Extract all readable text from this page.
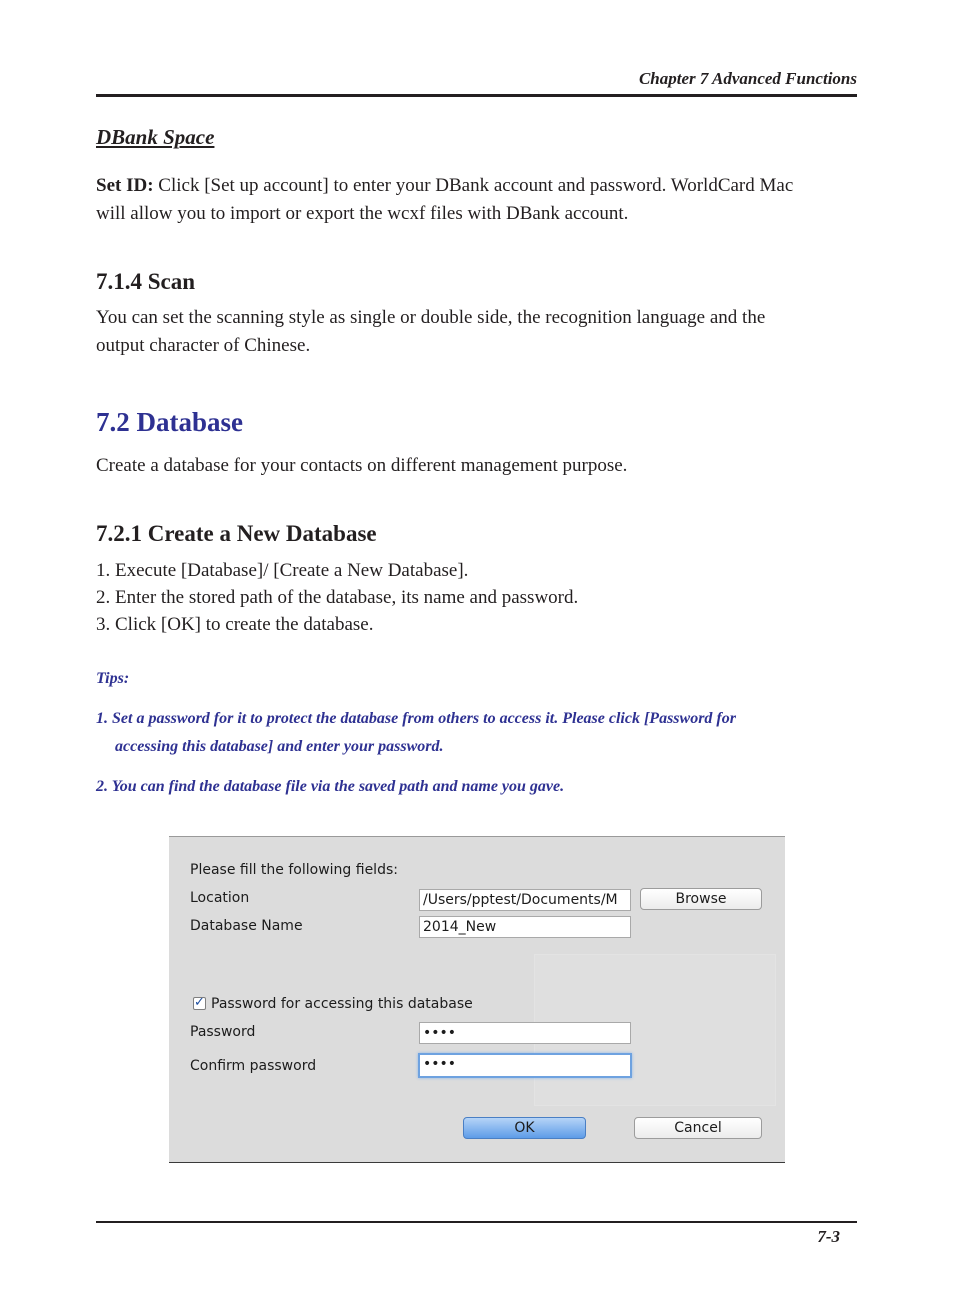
Chapter 7 Advanced Functions
DBank Space
Set ID: Click [Set up account] to enter your DBank account and password. WorldCard Mac
will allow you to import or export the wcxf files with DBank account.
7.1.4 Scan
You can set the scanning style as single or double side, the recognition language and the
output character of Chinese.
7.2 Database
Create a database for your contacts on different management purpose.
7.2.1 Create a New Database
1. Execute [Database]/ [Create a New Database].
2. Enter the stored path of the database, its name and password.
3. Click [OK] to create the database.
Tips:
1. Set a password for it to protect the database from others to access it. Please click [Password for
accessing this database] and enter your password.
2. You can find the database file via the saved path and name you gave.
Please fill the following fields:
Location	/Users/pptest/Documents/M	Browse
Database Name	2014_New
✓ Password for accessing this database
Password	••••
Confirm password	••••
OK	Cancel
7-3
